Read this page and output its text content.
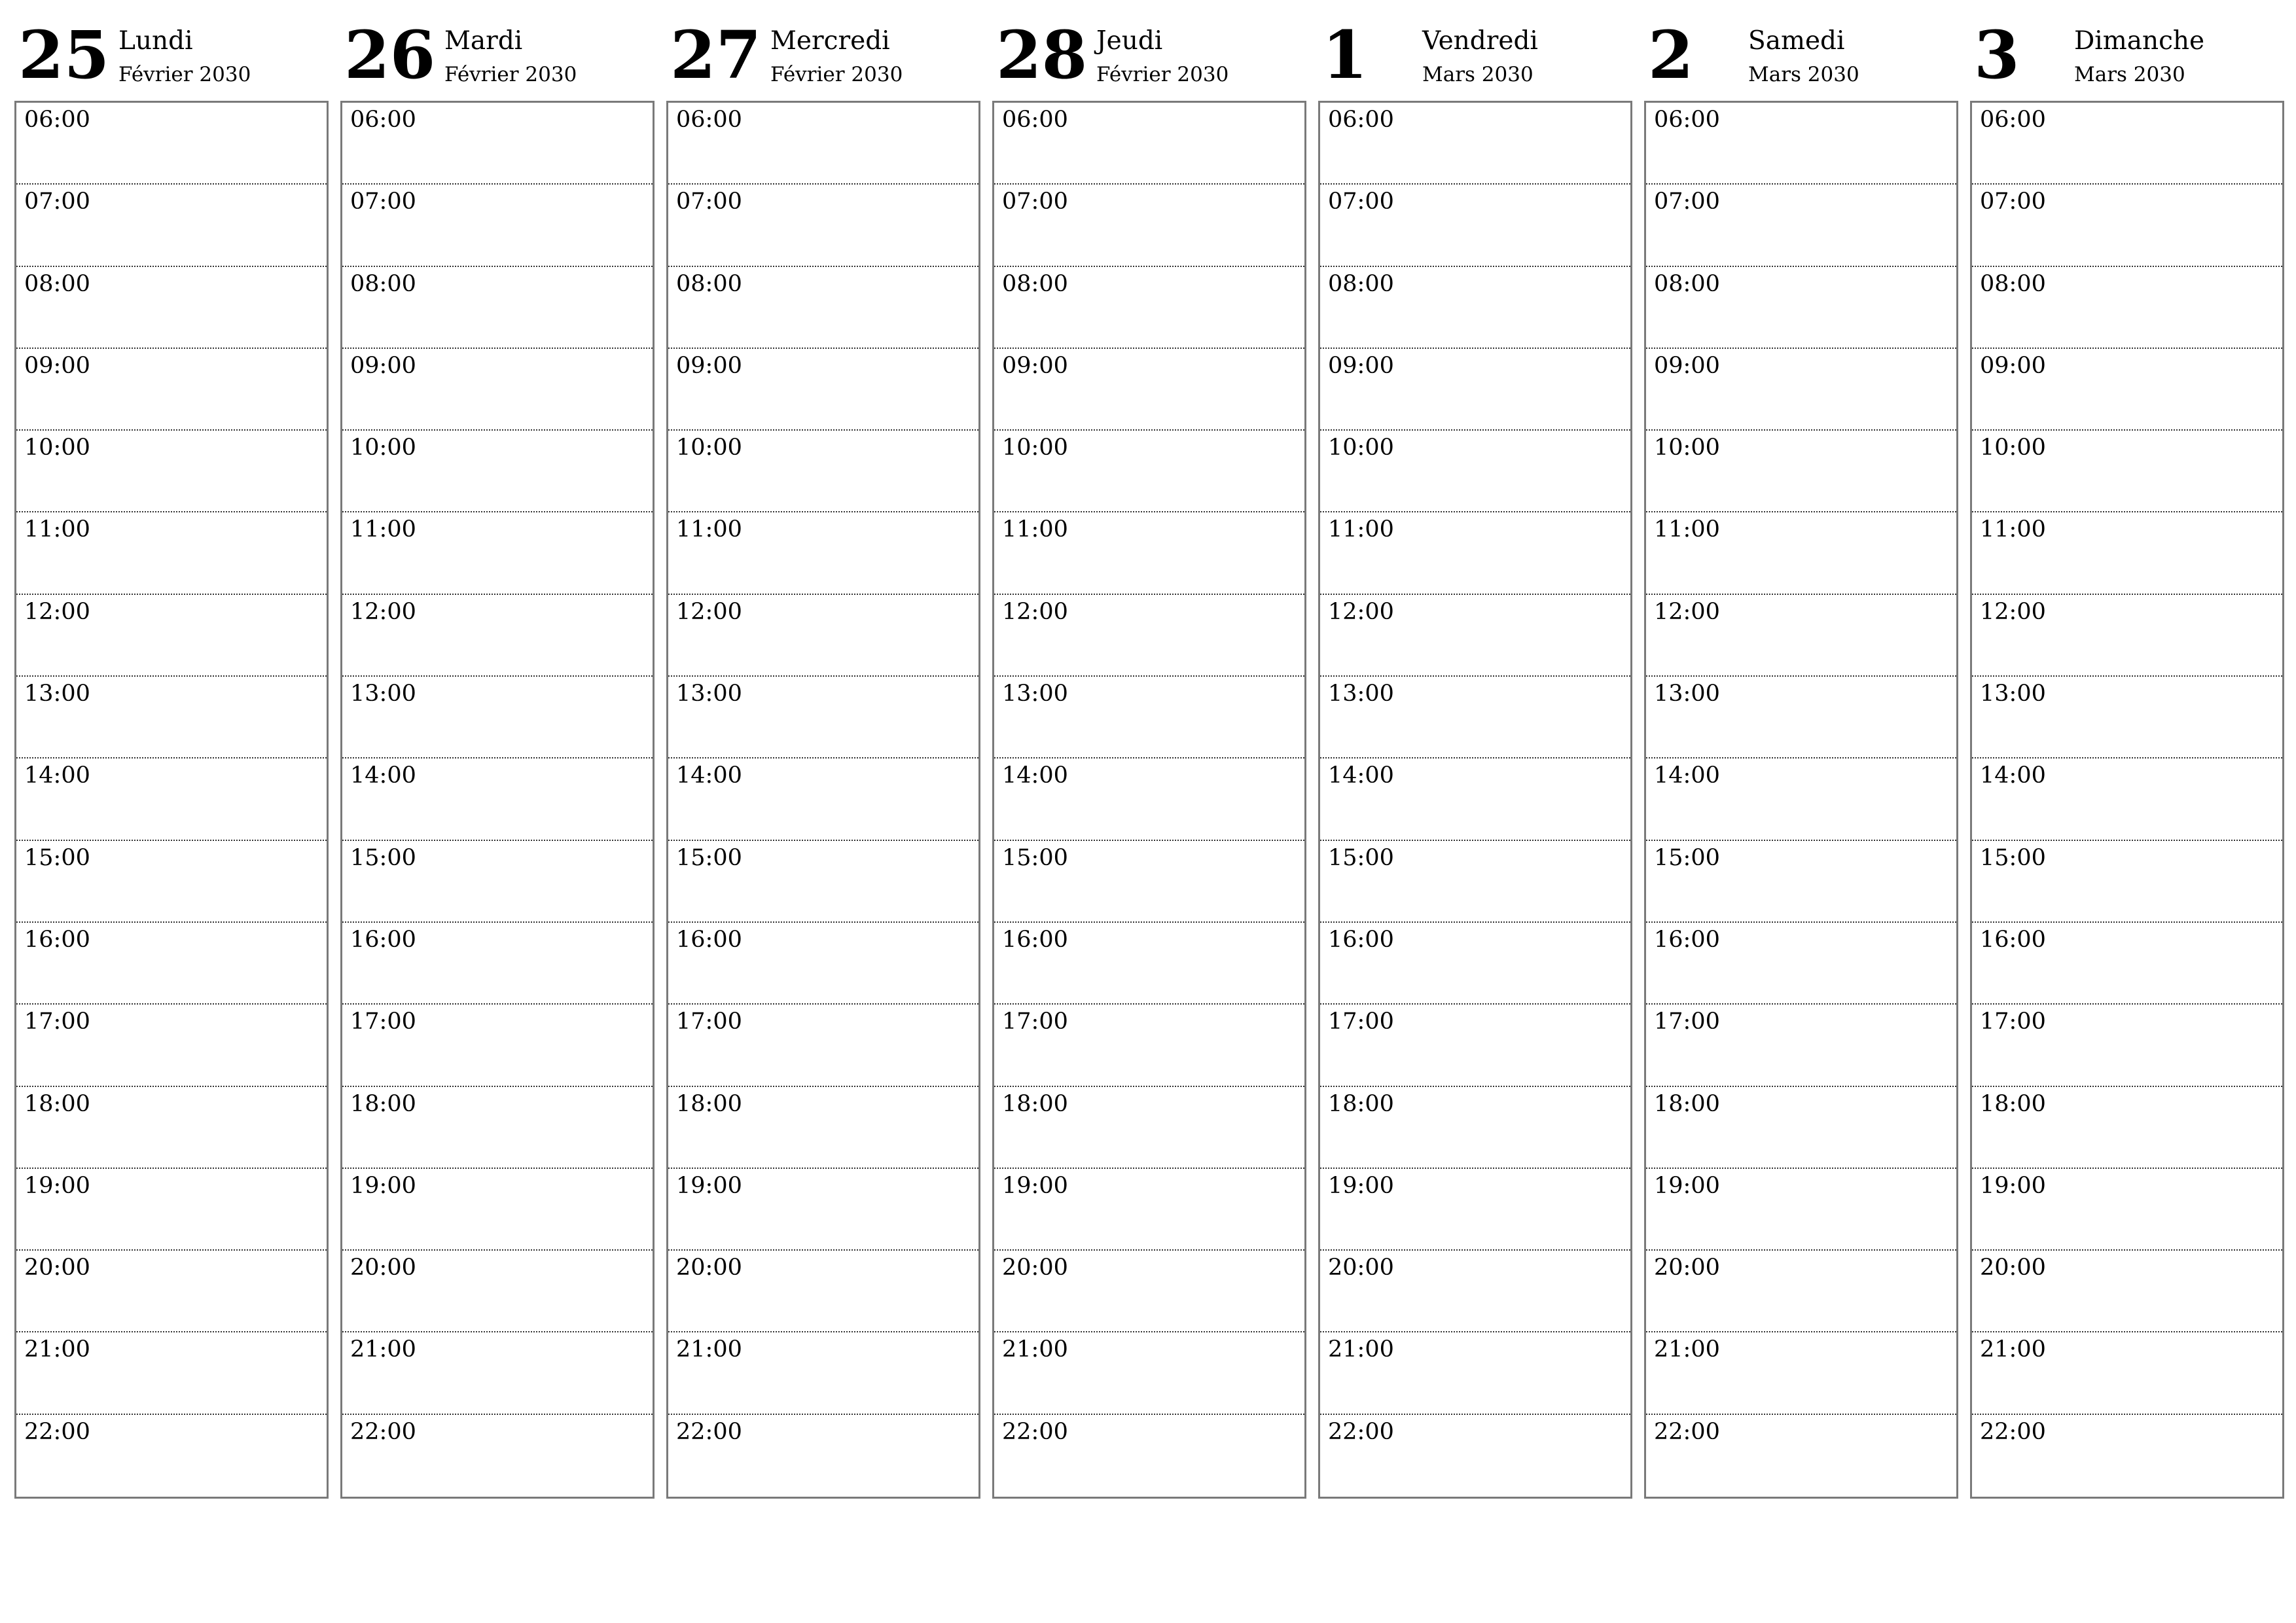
25 Lundi
Février 2030
06:00
07:00
08:00
09:00
10:00
11:00
12:00
13:00
14:00
15:00
16:00
17:00
18:00
19:00
20:00
21:00
22:00
26 Mardi
Février 2030
06:00
07:00
08:00
09:00
10:00
11:00
12:00
13:00
14:00
15:00
16:00
17:00
18:00
19:00
20:00
21:00
22:00
27 Mercredi
Février 2030
06:00
07:00
08:00
09:00
10:00
11:00
12:00
13:00
14:00
15:00
16:00
17:00
18:00
19:00
20:00
21:00
22:00
28 Jeudi
Février 2030
06:00
07:00
08:00
09:00
10:00
11:00
12:00
13:00
14:00
15:00
16:00
17:00
18:00
19:00
20:00
21:00
22:00
1 Vendredi
Mars 2030
06:00
07:00
08:00
09:00
10:00
11:00
12:00
13:00
14:00
15:00
16:00
17:00
18:00
19:00
20:00
21:00
22:00
2 Samedi
Mars 2030
06:00
07:00
08:00
09:00
10:00
11:00
12:00
13:00
14:00
15:00
16:00
17:00
18:00
19:00
20:00
21:00
22:00
3 Dimanche
Mars 2030
06:00
07:00
08:00
09:00
10:00
11:00
12:00
13:00
14:00
15:00
16:00
17:00
18:00
19:00
20:00
21:00
22:00
